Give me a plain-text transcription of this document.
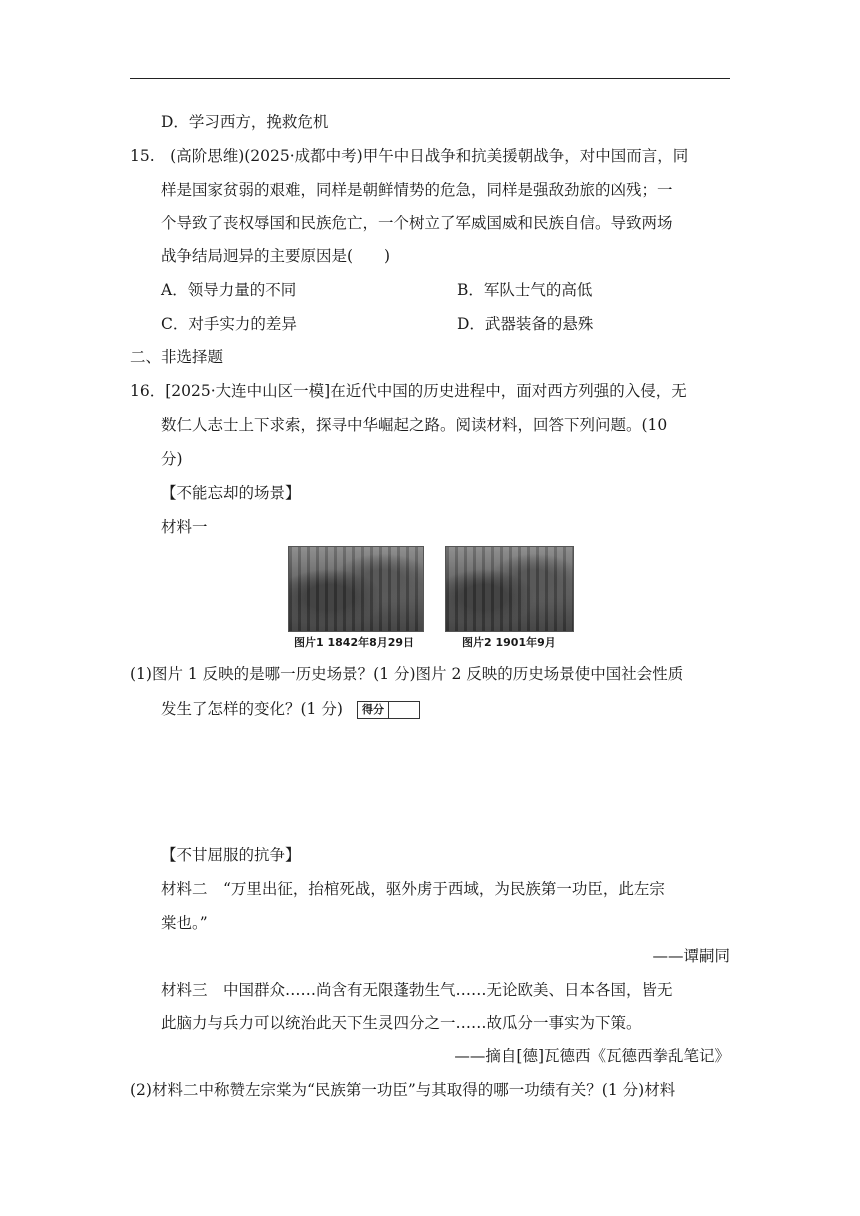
D．学习西方，挽救危机
15.　(高阶思维)(2025·成都中考)甲午中日战争和抗美援朝战争，对中国而言，同
样是国家贫弱的艰难，同样是朝鲜情势的危急，同样是强敌劲旅的凶残；一
个导致了丧权辱国和民族危亡，一个树立了军威国威和民族自信。导致两场
战争结局迥异的主要原因是(　　)
A．领导力量的不同	B．军队士气的高低
C．对手实力的差异	D．武器装备的悬殊
二、非选择题
16．[2025·大连中山区一模]在近代中国的历史进程中，面对西方列强的入侵，无
数仁人志士上下求索，探寻中华崛起之路。阅读材料，回答下列问题。(10
分)
【不能忘却的场景】
材料一
图片1 1842年8月29日	图片2 1901年9月
(1)图片 1 反映的是哪一历史场景？(1 分)图片 2 反映的历史场景使中国社会性质
发生了怎样的变化？(1 分)	得分
【不甘屈服的抗争】
材料二　“万里出征，抬棺死战，驱外虏于西域，为民族第一功臣，此左宗
棠也。”
——谭嗣同
材料三　中国群众……尚含有无限蓬勃生气……无论欧美、日本各国，皆无
此脑力与兵力可以统治此天下生灵四分之一……故瓜分一事实为下策。
——摘自[德]瓦德西《瓦德西拳乱笔记》
(2)材料二中称赞左宗棠为“民族第一功臣”与其取得的哪一功绩有关？(1 分)材料
